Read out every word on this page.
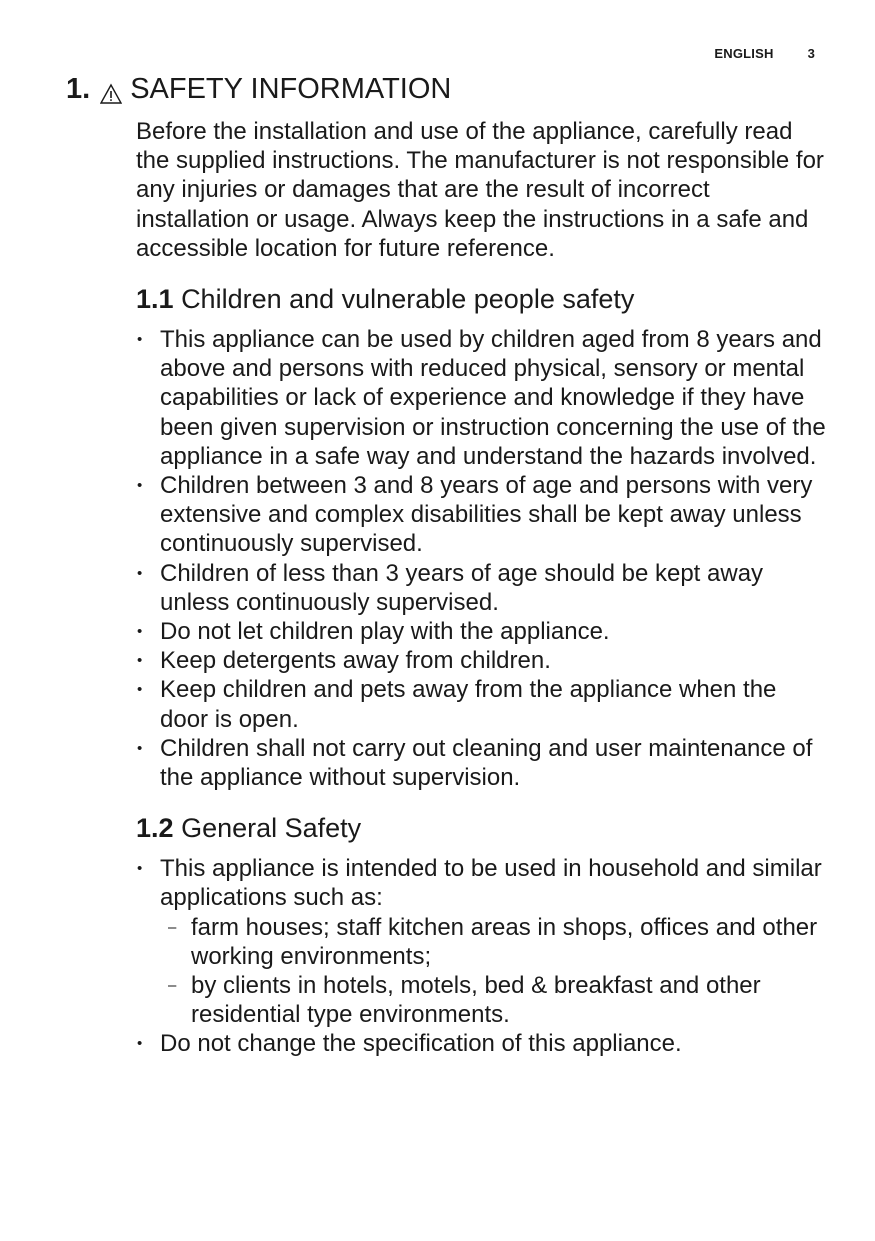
ENGLISH	3
1. SAFETY INFORMATION

Before the installation and use of the appliance, carefully read the supplied instructions. The manufacturer is not responsible for any injuries or damages that are the result of incorrect installation or usage. Always keep the instructions in a safe and accessible location for future reference.

1.1 Children and vulnerable people safety
• This appliance can be used by children aged from 8 years and above and persons with reduced physical, sensory or mental capabilities or lack of experience and knowledge if they have been given supervision or instruction concerning the use of the appliance in a safe way and understand the hazards involved.
• Children between 3 and 8 years of age and persons with very extensive and complex disabilities shall be kept away unless continuously supervised.
• Children of less than 3 years of age should be kept away unless continuously supervised.
• Do not let children play with the appliance.
• Keep detergents away from children.
• Keep children and pets away from the appliance when the door is open.
• Children shall not carry out cleaning and user maintenance of the appliance without supervision.
1.2 General Safety
• This appliance is intended to be used in household and similar applications such as:
– farm houses; staff kitchen areas in shops, offices and other working environments;
– by clients in hotels, motels, bed & breakfast and other residential type environments.
• Do not change the specification of this appliance.
